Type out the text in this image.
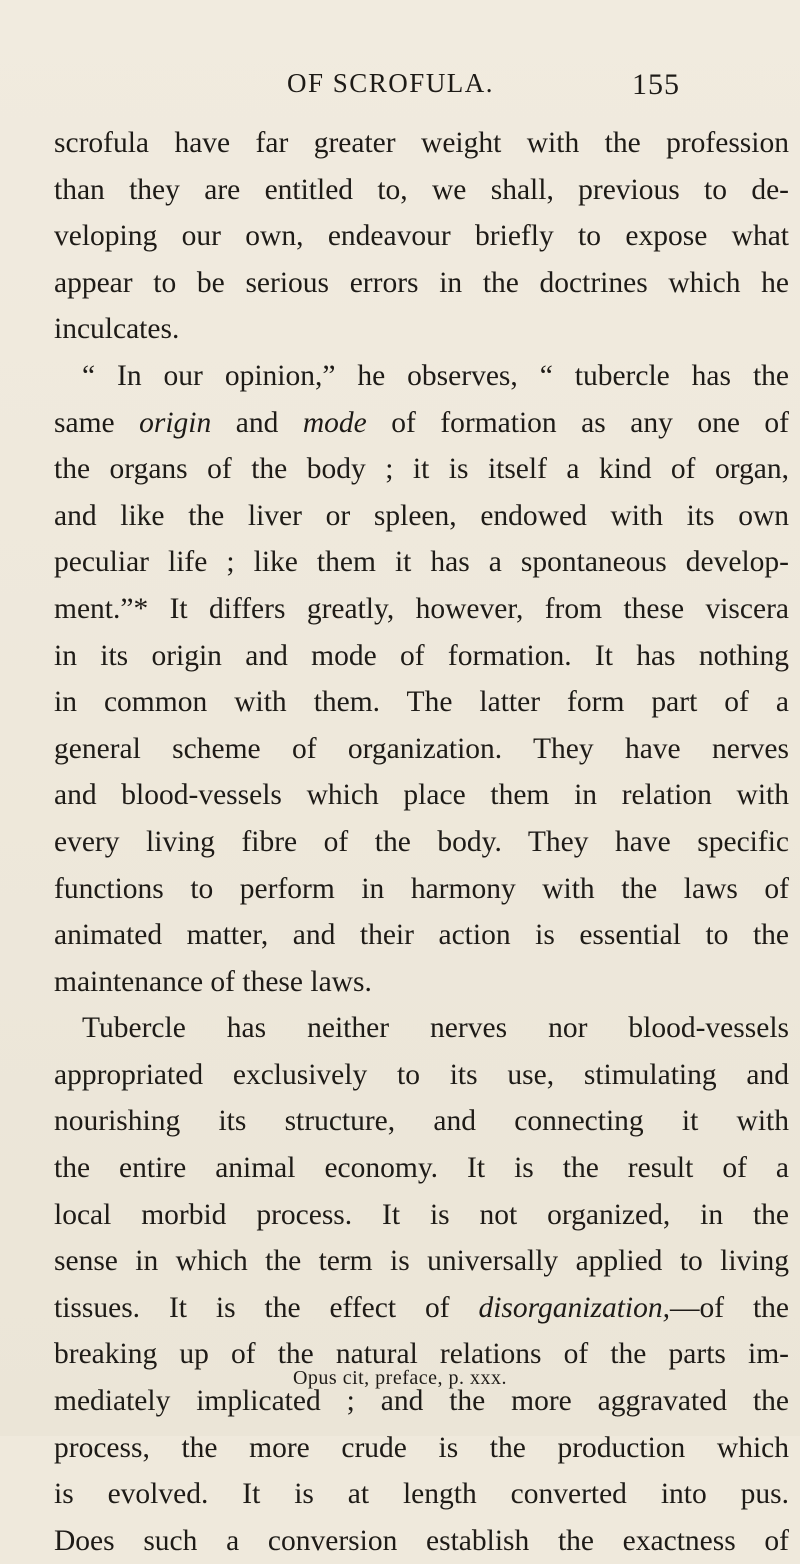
OF SCROFULA.	155
scrofula have far greater weight with the profession
than they are entitled to, we shall, previous to de-
veloping our own, endeavour briefly to expose what
appear to be serious errors in the doctrines which he
inculcates.
“ In our opinion,” he observes, “ tubercle has the
same origin and mode of formation as any one of
the organs of the body ; it is itself a kind of organ,
and like the liver or spleen, endowed with its own
peculiar life ; like them it has a spontaneous develop-
ment.”* It differs greatly, however, from these viscera
in its origin and mode of formation. It has nothing
in common with them. The latter form part of a
general scheme of organization. They have nerves
and blood-vessels which place them in relation with
every living fibre of the body. They have specific
functions to perform in harmony with the laws of
animated matter, and their action is essential to the
maintenance of these laws.
Tubercle has neither nerves nor blood-vessels
appropriated exclusively to its use, stimulating and
nourishing its structure, and connecting it with
the entire animal economy. It is the result of a
local morbid process. It is not organized, in the
sense in which the term is universally applied to living
tissues. It is the effect of disorganization,—of the
breaking up of the natural relations of the parts im-
mediately implicated ; and the more aggravated the
process, the more crude is the production which
is evolved. It is at length converted into pus.
Does such a conversion establish the exactness of
Opus cit, preface, p. xxx.
